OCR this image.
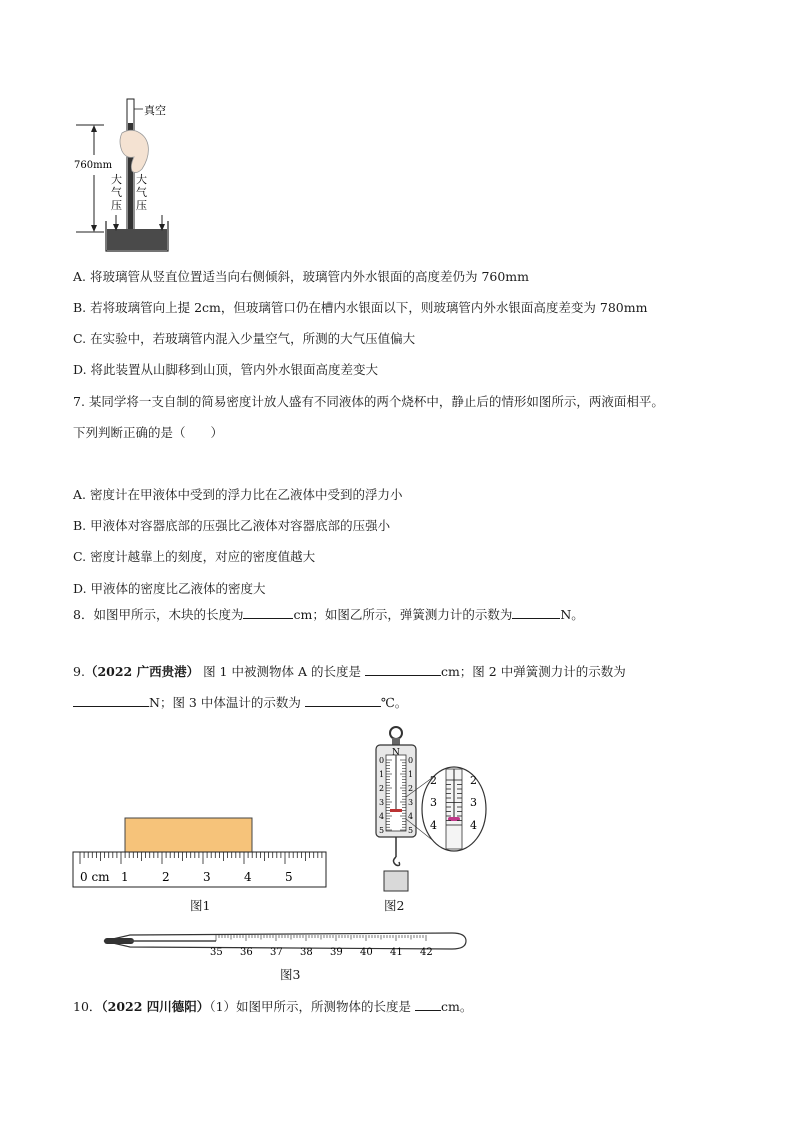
760mm
真空
大
气
压
大
气
压
A. 将玻璃管从竖直位置适当向右侧倾斜，玻璃管内外水银面的高度差仍为 760mm
B. 若将玻璃管向上提 2cm，但玻璃管口仍在槽内水银面以下，则玻璃管内外水银面高度差变为 780mm
C. 在实验中，若玻璃管内混入少量空气，所测的大气压值偏大
D. 将此装置从山脚移到山顶，管内外水银面高度差变大
7. 某同学将一支自制的简易密度计放人盛有不同液体的两个烧杯中，静止后的情形如图所示，两液面相平。
下列判断正确的是（　　）
A. 密度计在甲液体中受到的浮力比在乙液体中受到的浮力小
B. 甲液体对容器底部的压强比乙液体对容器底部的压强小
C. 密度计越靠上的刻度，对应的密度值越大
D. 甲液体的密度比乙液体的密度大
8．如图甲所示，木块的长度为	cm；如图乙所示，弹簧测力计的示数为	N。
9.（2022 广西贵港） 图 1 中被测物体 A 的长度是	cm；图 2 中弹簧测力计的示数为
N；图 3 中体温计的示数为	℃。
0 cm 1	2	3	4	5
图1
N
0
1
2
3
4
5
0
1
2
3
4
5
2
3
4
2
3
4
图2
35 36 37 38 39 40 41 42
图3
10．（2022 四川德阳）（1）如图甲所示，所测物体的长度是 cm。
